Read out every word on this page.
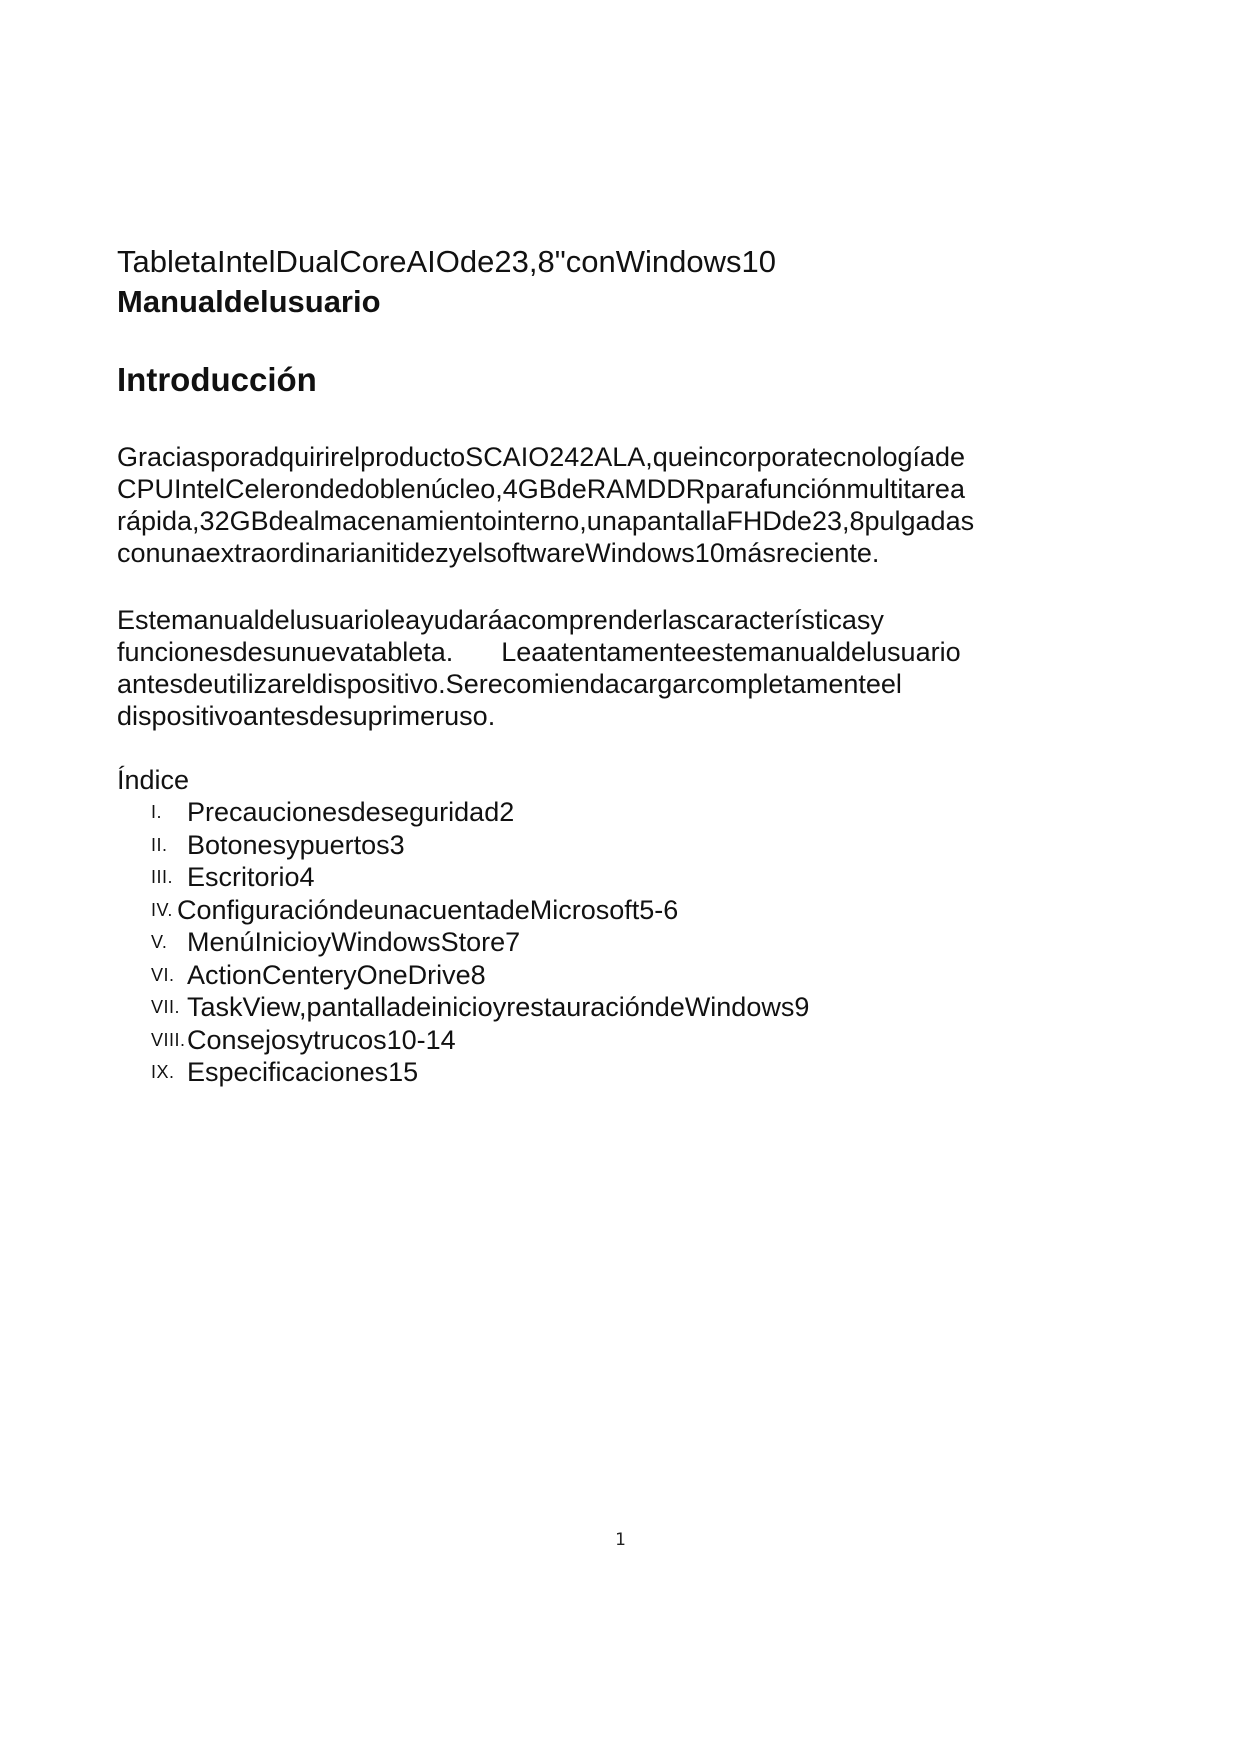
TabletaIntelDualCoreAIOde23,8"conWindows10
Manualdelusuario
Introducción

GraciasporadquirirelproductoSCAIO242ALA,queincorporatecnologíade
CPUIntelCelerondedoblenúcleo,4GBdeRAMDDRparafunciónmultitarea
rápida,32GBdealmacenamientointerno,unapantallaFHDde23,8pulgadas
conunaextraordinarianitidezyelsoftwareWindows10másreciente.

Estemanualdelusuarioleayudaráacomprenderlascaracterísticasy
funcionesdesunuevatableta. Leaatentamenteestemanualdelusuario
antesdeutilizareldispositivo.Serecomiendacargarcompletamenteel
dispositivoantesdesuprimeruso.

Índice

I. Precaucionesdeseguridad2
II. Botonesypuertos3
III. Escritorio4
IV. ConfiguracióndeunacuentadeMicrosoft5-6
V. MenúInicioyWindowsStore7
VI. ActionCenteryOneDrive8
VII. TaskView,pantalladeinicioyrestauracióndeWindows9
VIII. Consejosytrucos10-14
IX. Especificaciones15
1
